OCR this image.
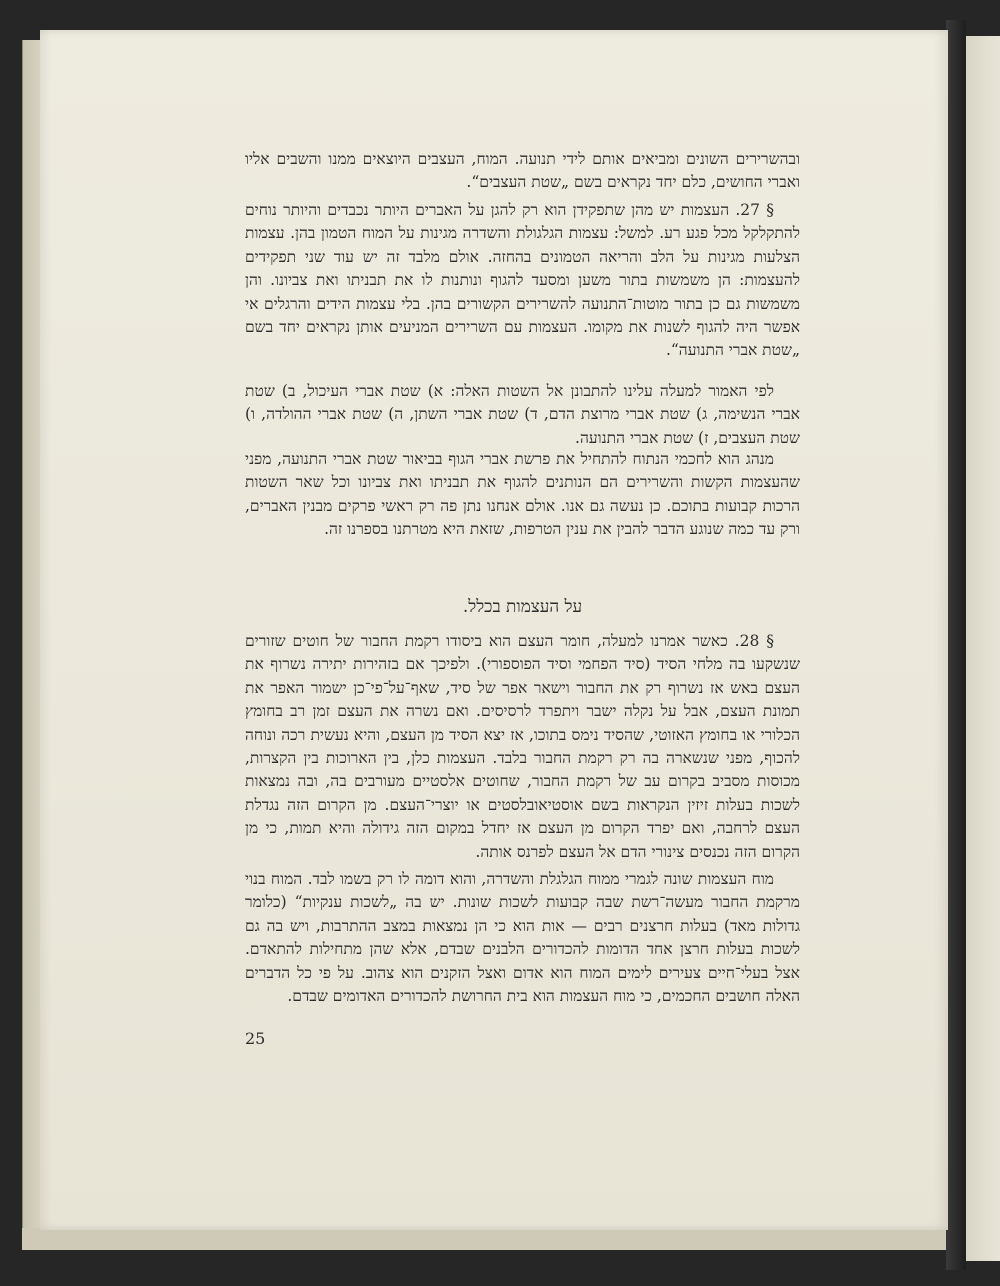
ובהשרירים השונים ומביאים אותם לידי תנועה. המוח, העצבים היוצאים ממנו והשבים אליו ואברי החושים, כלם יחד נקראים בשם „שטת העצבים“.

§ 27. העצמות יש מהן שתפקידן הוא רק להגן על האברים היותר נכבדים והיותר נוחים להתקלקל מכל פגע רע. למשל: עצמות הגלגולת והשדרה מגינות על המוח הטמון בהן. עצמות הצלעות מגינות על הלב והריאה הטמונים בהחזה. אולם מלבד זה יש עוד שני תפקידים להעצמות: הן משמשות בתור משען ומסעד להגוף ונותנות לו את תבניתו ואת צביונו. והן משמשות גם כן בתור מוטות־התנועה להשרירים הקשורים בהן. בלי עצמות הידים והרגלים אי אפשר היה להגוף לשנות את מקומו. העצמות עם השרירים המניעים אותן נקראים יחד בשם „שטת אברי התנועה“.

לפי האמור למעלה עלינו להתבונן אל השטות האלה: א) שטת אברי העיכול, ב) שטת אברי הנשימה, ג) שטת אברי מרוצת הדם, ד) שטת אברי השתן, ה) שטת אברי ההולדה, ו) שטת העצבים, ז) שטת אברי התנועה.

מנהג הוא לחכמי הנתוח להתחיל את פרשת אברי הגוף בביאור שטת אברי התנועה, מפני שהעצמות הקשות והשרירים הם הנותנים להגוף את תבניתו ואת צביונו וכל שאר השטות הרכות קבועות בתוכם. כן נעשה גם אנו. אולם אנחנו נתן פה רק ראשי פרקים מבנין האברים, ורק עד כמה שנוגע הדבר להבין את ענין הטרפות, שזאת היא מטרתנו בספרנו זה.

על העצמות בכלל.

§ 28. כאשר אמרנו למעלה, חומר העצם הוא ביסודו רקמת החבור של חוטים שזורים שנשקעו בה מלחי הסיד (סיד הפחמי וסיד הפוספורי). ולפיכך אם בזהירות יתירה נשרוף את העצם באש אז נשרוף רק את החבור וישאר אפר של סיד, שאף־על־פי־כן ישמור האפר את תמונת העצם, אבל על נקלה ישבר ויתפרד לרסיסים. ואם נשרה את העצם זמן רב בחומץ הכלורי או בחומץ האזוטי, שהסיד נימס בתוכו, אז יצא הסיד מן העצם, והיא נעשית רכה ונוחה להכוף, מפני שנשארה בה רק רקמת החבור בלבד. העצמות כלן, בין הארוכות בין הקצרות, מכוסות מסביב בקרום עב של רקמת החבור, שחוטים אלסטיים מעורבים בה, ובה נמצאות לשכות בעלות זיזין הנקראות בשם אוסטיאובלסטים או יוצרי־העצם. מן הקרום הזה נגדלת העצם לרחבה, ואם יפרד הקרום מן העצם אז יחדל במקום הזה גידולה והיא תמות, כי מן הקרום הזה נכנסים צינורי הדם אל העצם לפרנס אותה.

מוח העצמות שונה לגמרי ממוח הגלגלת והשדרה, והוא דומה לו רק בשמו לבד. המוח בנוי מרקמת החבור מעשה־רשת שבה קבועות לשכות שונות. יש בה „לשכות ענקיות“ (כלומר גדולות מאד) בעלות חרצנים רבים — אות הוא כי הן נמצאות במצב ההתרבות, ויש בה גם לשכות בעלות חרצן אחד הדומות להכדורים הלבנים שבדם, אלא שהן מתחילות להתאדם. אצל בעלי־חיים צעירים לימים המוח הוא אדום ואצל הזקנים הוא צהוב. על פי כל הדברים האלה חושבים החכמים, כי מוח העצמות הוא בית החרושת להכדורים האדומים שבדם.

25
